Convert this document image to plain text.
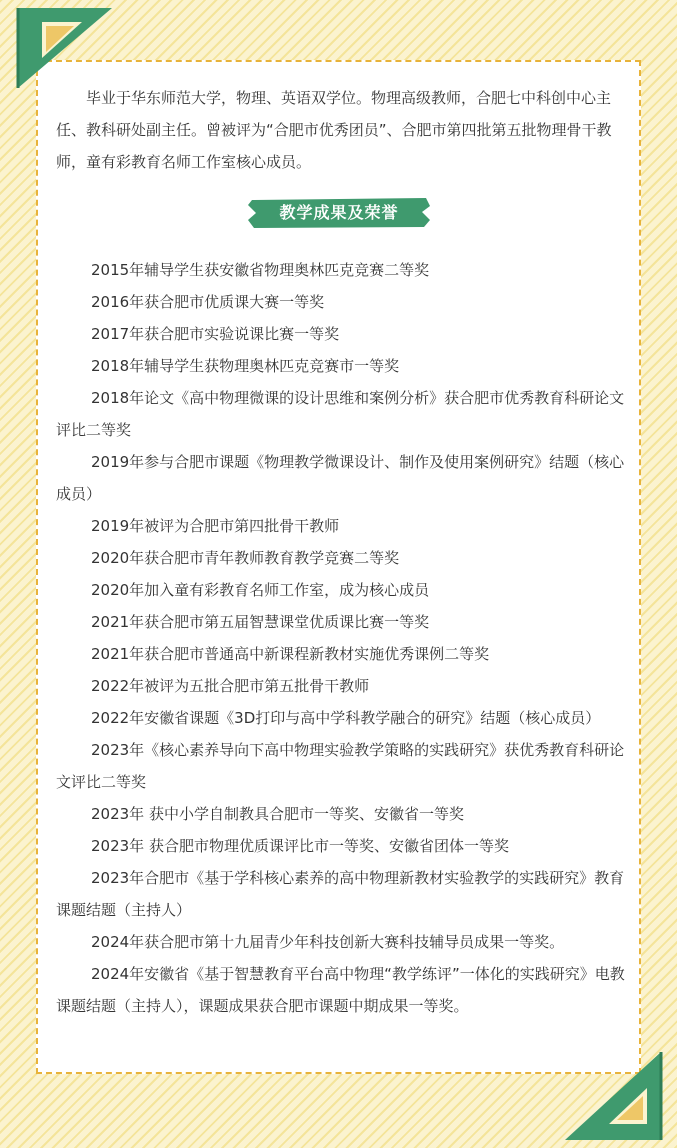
毕业于华东师范大学，物理、英语双学位。物理高级教师，合肥七中科创中心主任、教科研处副主任。曾被评为“合肥市优秀团员”、合肥市第四批第五批物理骨干教师，童有彩教育名师工作室核心成员。

教学成果及荣誉
2015年辅导学生获安徽省物理奥林匹克竞赛二等奖
2016年获合肥市优质课大赛一等奖
2017年获合肥市实验说课比赛一等奖
2018年辅导学生获物理奥林匹克竞赛市一等奖
2018年论文《高中物理微课的设计思维和案例分析》获合肥市优秀教育科研论文评比二等奖
2019年参与合肥市课题《物理教学微课设计、制作及使用案例研究》结题（核心成员）
2019年被评为合肥市第四批骨干教师
2020年获合肥市青年教师教育教学竞赛二等奖
2020年加入童有彩教育名师工作室，成为核心成员
2021年获合肥市第五届智慧课堂优质课比赛一等奖
2021年获合肥市普通高中新课程新教材实施优秀课例二等奖
2022年被评为五批合肥市第五批骨干教师
2022年安徽省课题《3D打印与高中学科教学融合的研究》结题（核心成员）
2023年《核心素养导向下高中物理实验教学策略的实践研究》获优秀教育科研论文评比二等奖
2023年 获中小学自制教具合肥市一等奖、安徽省一等奖
2023年 获合肥市物理优质课评比市一等奖、安徽省团体一等奖
2023年合肥市《基于学科核心素养的高中物理新教材实验教学的实践研究》教育课题结题（主持人）
2024年获合肥市第十九届青少年科技创新大赛科技辅导员成果一等奖。
2024年安徽省《基于智慧教育平台高中物理“教学练评”一体化的实践研究》电教课题结题（主持人），课题成果获合肥市课题中期成果一等奖。
